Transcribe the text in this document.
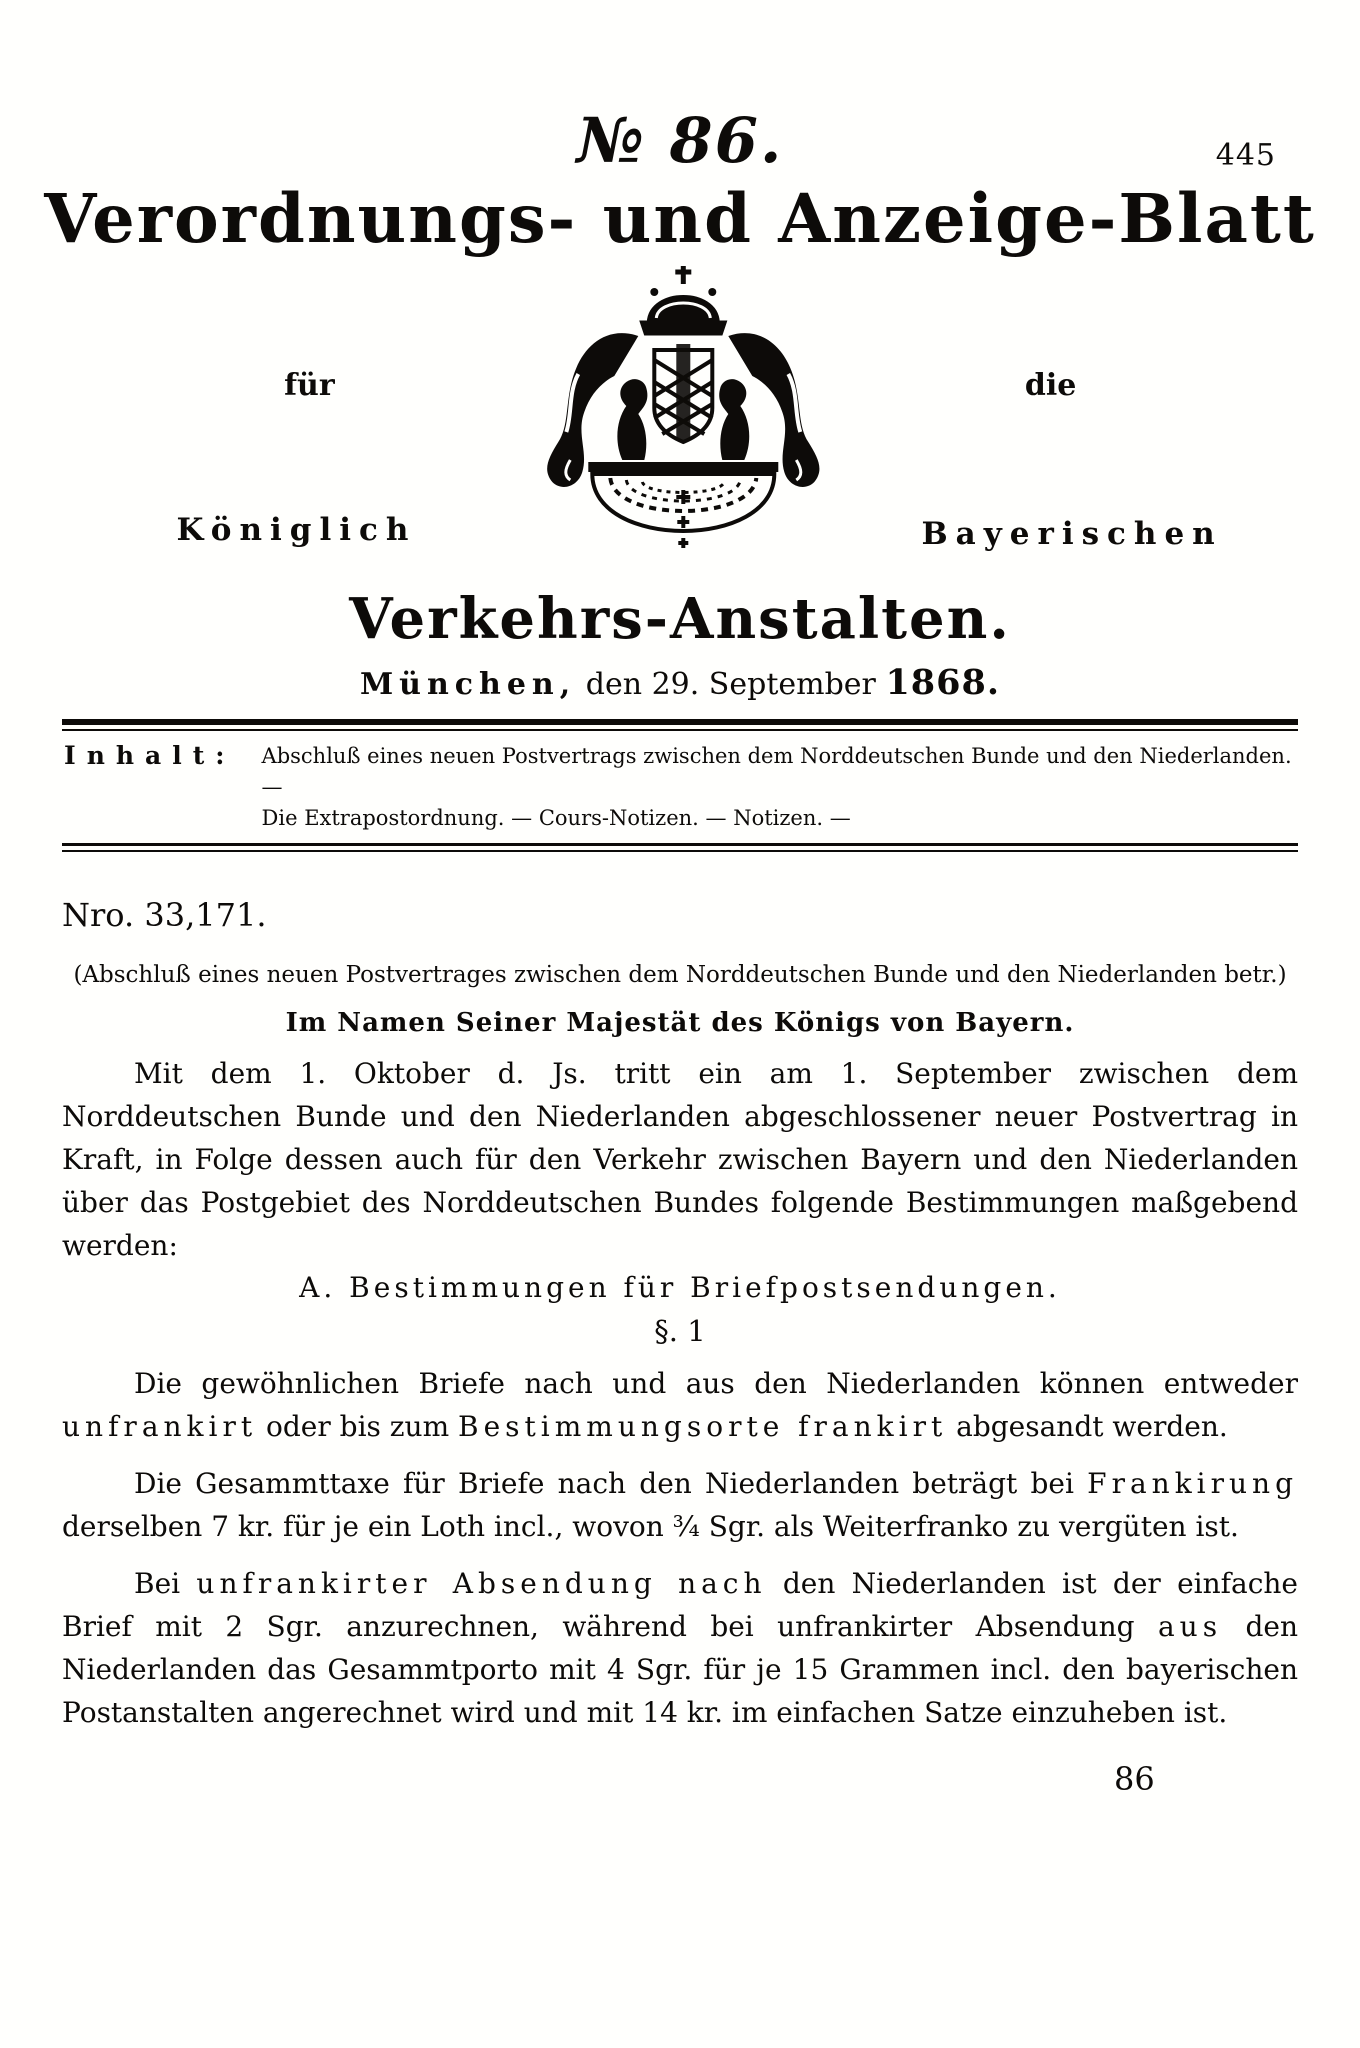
445
№ 86.
Verordnungs- und Anzeige-Blatt
für
Königlich
die
Bayerischen
Verkehrs-Anstalten.
München, den 29. September 1868.
Inhalt: Abschluß eines neuen Postvertrags zwischen dem Norddeutschen Bunde und den Niederlanden. —
Die Extrapostordnung. — Cours-Notizen. — Notizen. —
Nro. 33,171.
(Abschluß eines neuen Postvertrages zwischen dem Norddeutschen Bunde und den Niederlanden betr.)
Im Namen Seiner Majestät des Königs von Bayern.

Mit dem 1. Oktober d. Js. tritt ein am 1. September zwischen dem Norddeutschen Bunde und den Niederlanden abgeschlossener neuer Postvertrag in Kraft, in Folge dessen auch für den Verkehr zwischen Bayern und den Niederlanden über das Postgebiet des Norddeutschen Bundes folgende Bestimmungen maßgebend werden:

A. Bestimmungen für Briefpostsendungen.
§. 1

Die gewöhnlichen Briefe nach und aus den Niederlanden können entweder unfrankirt oder bis zum Bestimmungsorte frankirt abgesandt werden.

Die Gesammttaxe für Briefe nach den Niederlanden beträgt bei Frankirung derselben 7 kr. für je ein Loth incl., wovon ¾ Sgr. als Weiterfranko zu vergüten ist.

Bei unfrankirter Absendung nach den Niederlanden ist der einfache Brief mit 2 Sgr. anzurechnen, während bei unfrankirter Absendung aus den Niederlanden das Gesammtporto mit 4 Sgr. für je 15 Grammen incl. den bayerischen Postanstalten angerechnet wird und mit 14 kr. im einfachen Satze einzuheben ist.

86
